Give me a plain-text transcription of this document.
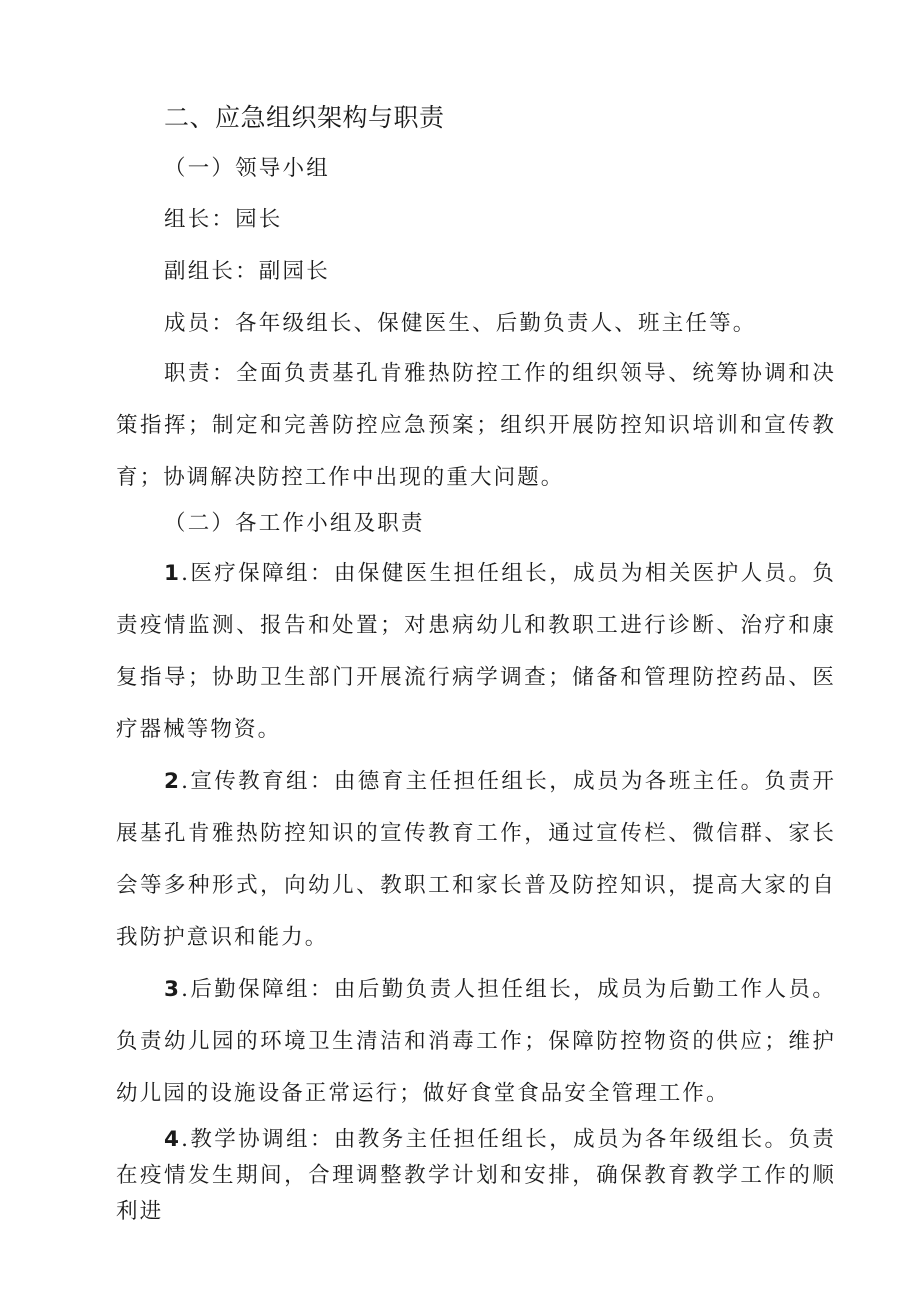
二、应急组织架构与职责
（一）领导小组
组长：园长
副组长：副园长
成员：各年级组长、保健医生、后勤负责人、班主任等。

职责：全面负责基孔肯雅热防控工作的组织领导、统筹协调和决策指挥；制定和完善防控应急预案；组织开展防控知识培训和宣传教育；协调解决防控工作中出现的重大问题。

（二）各工作小组及职责

1.医疗保障组：由保健医生担任组长，成员为相关医护人员。负责疫情监测、报告和处置；对患病幼儿和教职工进行诊断、治疗和康复指导；协助卫生部门开展流行病学调查；储备和管理防控药品、医疗器械等物资。

2.宣传教育组：由德育主任担任组长，成员为各班主任。负责开展基孔肯雅热防控知识的宣传教育工作，通过宣传栏、微信群、家长会等多种形式，向幼儿、教职工和家长普及防控知识，提高大家的自我防护意识和能力。

3.后勤保障组：由后勤负责人担任组长，成员为后勤工作人员。负责幼儿园的环境卫生清洁和消毒工作；保障防控物资的供应；维护幼儿园的设施设备正常运行；做好食堂食品安全管理工作。

4.教学协调组：由教务主任担任组长，成员为各年级组长。负责在疫情发生期间，合理调整教学计划和安排，确保教育教学工作的顺利进
